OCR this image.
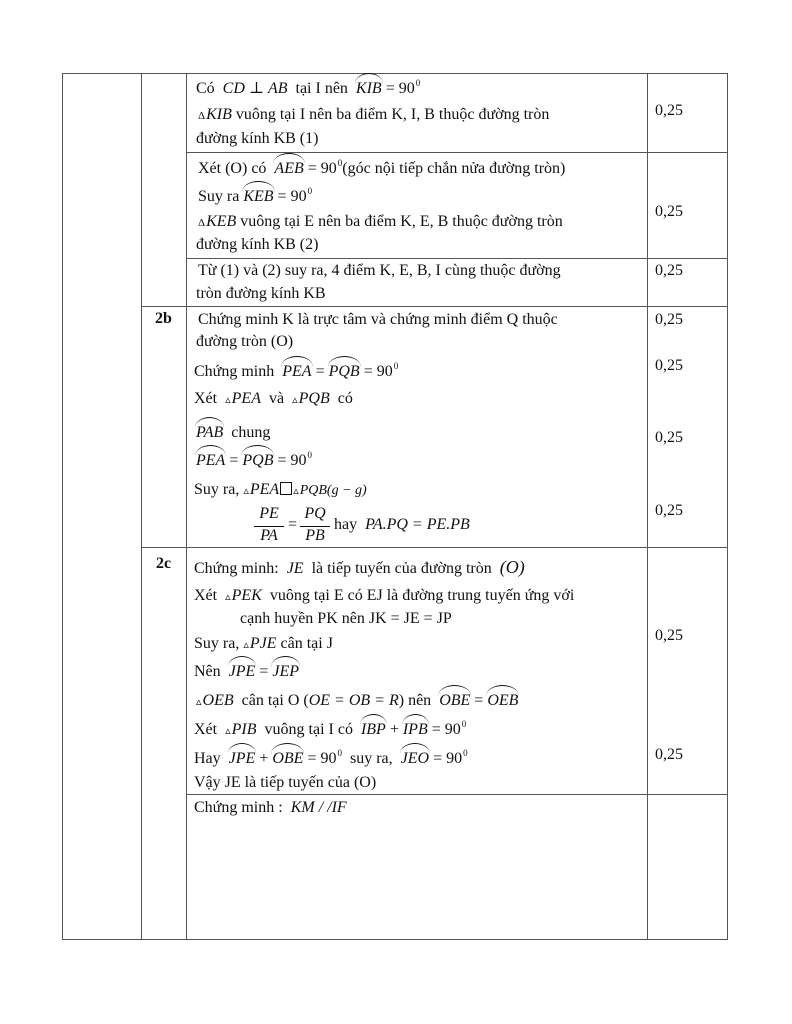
Có CD ⊥ AB tại I nên KIB = $90^0$
ΔKIB vuông tại I nên ba điểm K, I, B thuộc đường tròn
đường kính KB (1)
0,25
Xét (O) có AEB = $90^0(góc$ nội tiếp chắn nửa đường tròn)
Suy ra KEB = $90^0$
ΔKEB vuông tại E nên ba điểm K, E, B thuộc đường tròn
đường kính KB (2)
0,25
Từ (1) và (2) suy ra, 4 điểm K, E, B, I cùng thuộc đường
tròn đường kính KB
0,25
2b Chứng minh K là trực tâm và chứng minh điểm Q thuộc
đường tròn (O)
Chứng minh PEA = PQB = $90^0$
Xét ▵PEA và ▵PQB có
PAB chung
PEA = PQB = $90^0$
Suy ra, ▵PEA ▵PQB(g − g)
PE
PA
=
PQ
PB
hay PA.PQ = PE.PB
0,25
0,25
0,25
0,25
2c Chứng minh: JE là tiếp tuyến của đường tròn (O)
Xét ▵PEK vuông tại E có EJ là đường trung tuyến ứng với
cạnh huyền PK nên JK = JE = JP
Suy ra, ▵PJE cân tại J
Nên JPE = JEP
▵OEB cân tại O (OE = OB = R) nên OBE = OEB
Xét ▵PIB vuông tại I có IBP + IPB = $90^0$
Hay JPE + OBE = $90^0$ suy ra, JEO = $90^0$
Vậy JE là tiếp tuyến của (O)
0,25
0,25
Chứng minh : KM / /IF
